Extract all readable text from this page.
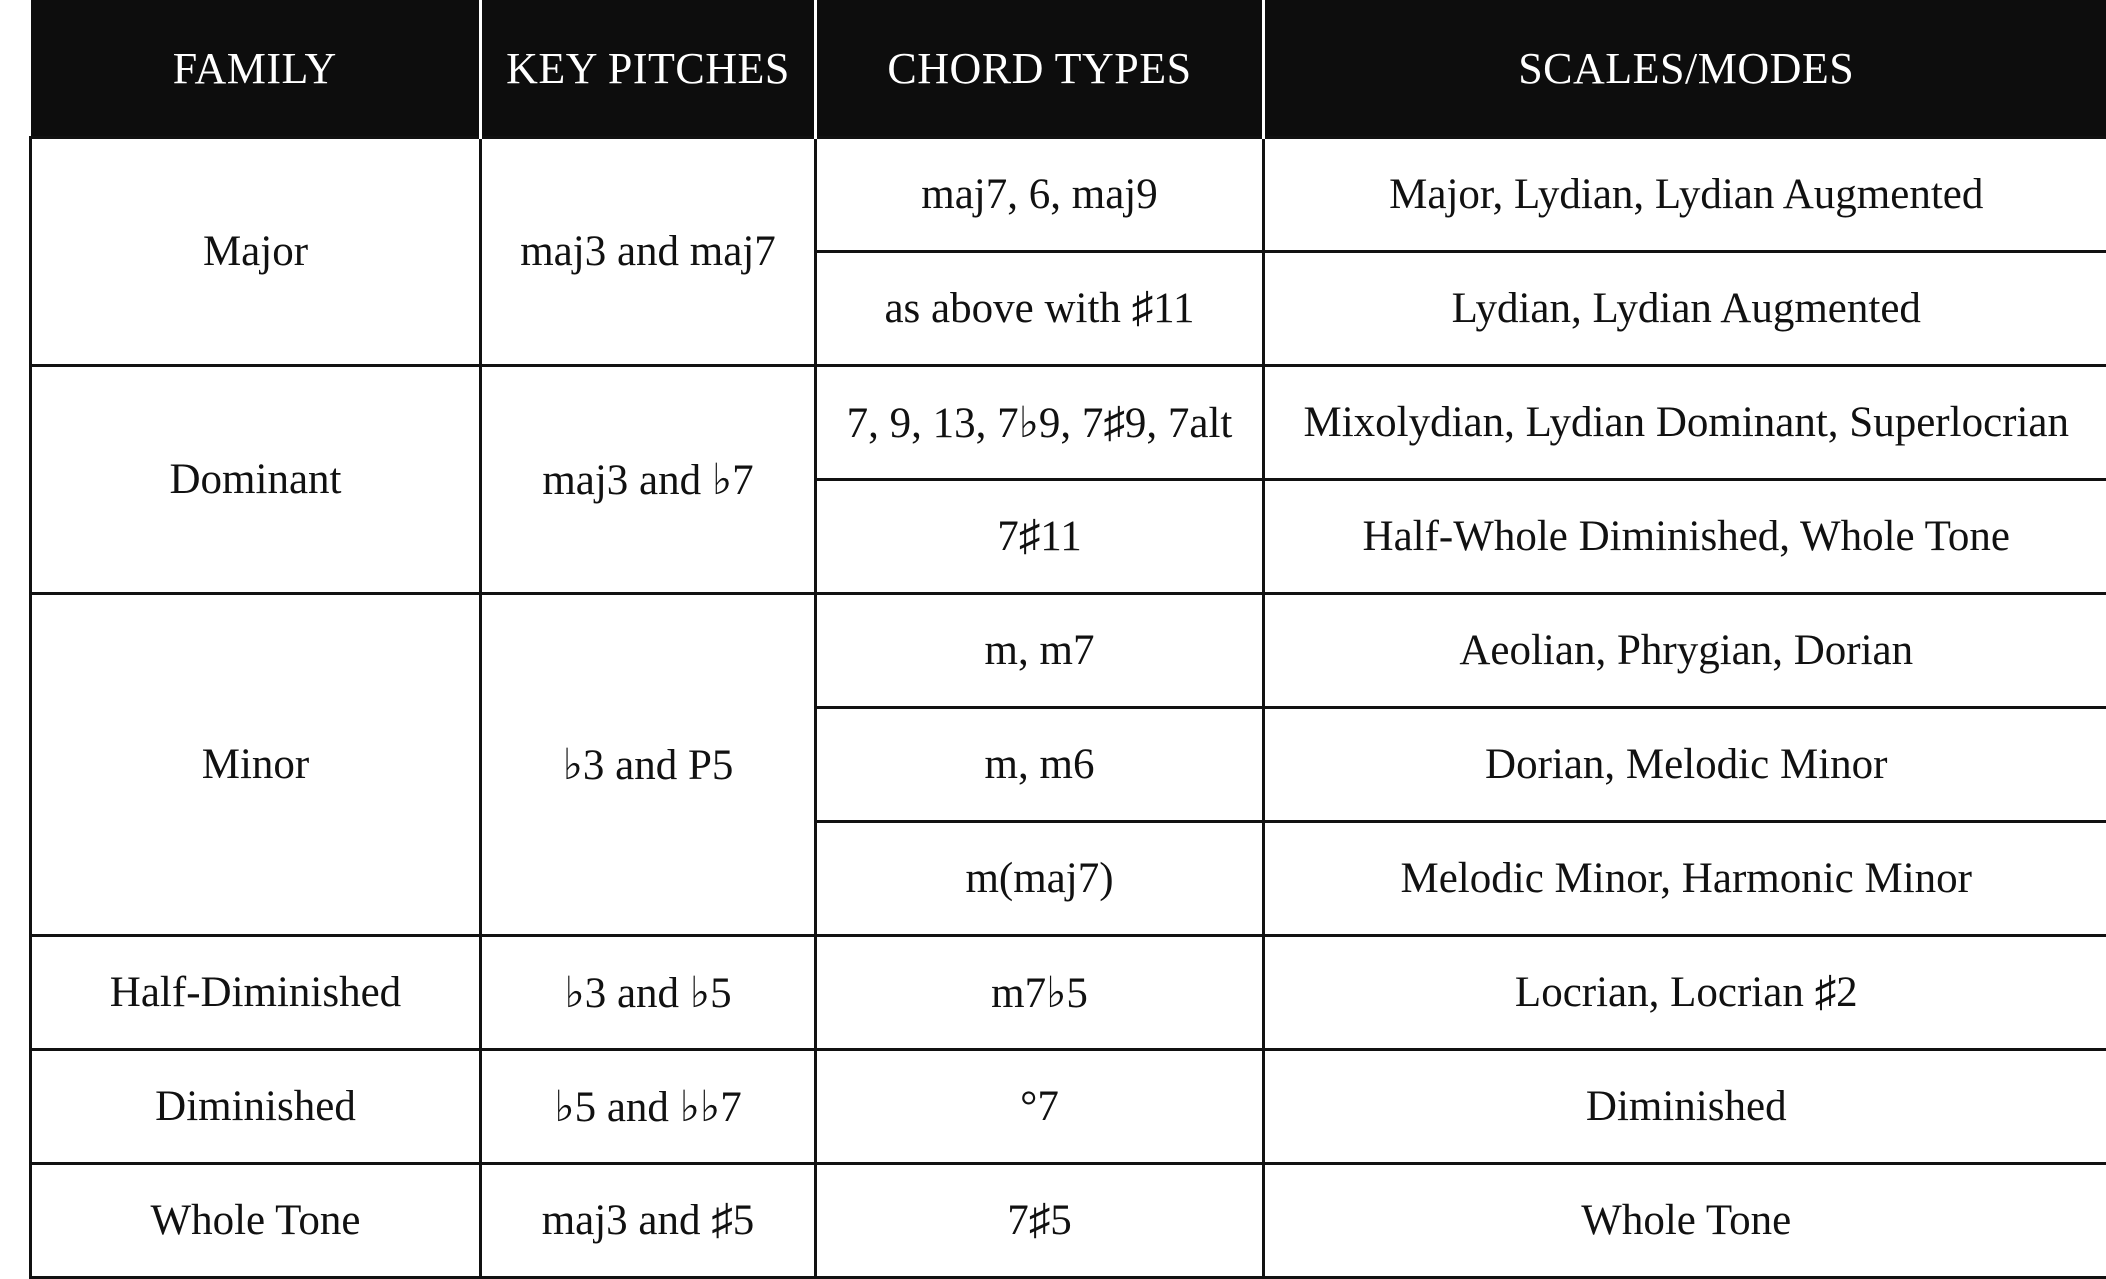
FAMILY	KEY PITCHES	CHORD TYPES	SCALES/MODES
Major	maj3 and maj7	maj7, 6, maj9	Major, Lydian, Lydian Augmented
		as above with ♯11	Lydian, Lydian Augmented
Dominant	maj3 and ♭7	7, 9, 13, 7♭9, 7♯9, 7alt	Mixolydian, Lydian Dominant, Superlocrian
		7♯11	Half-Whole Diminished, Whole Tone
Minor	♭3 and P5	m, m7	Aeolian, Phrygian, Dorian
		m, m6	Dorian, Melodic Minor
		m(maj7)	Melodic Minor, Harmonic Minor
Half-Diminished	♭3 and ♭5	m7♭5	Locrian, Locrian ♯2
Diminished	♭5 and ♭♭7	°7	Diminished
Whole Tone	maj3 and ♯5	7♯5	Whole Tone
